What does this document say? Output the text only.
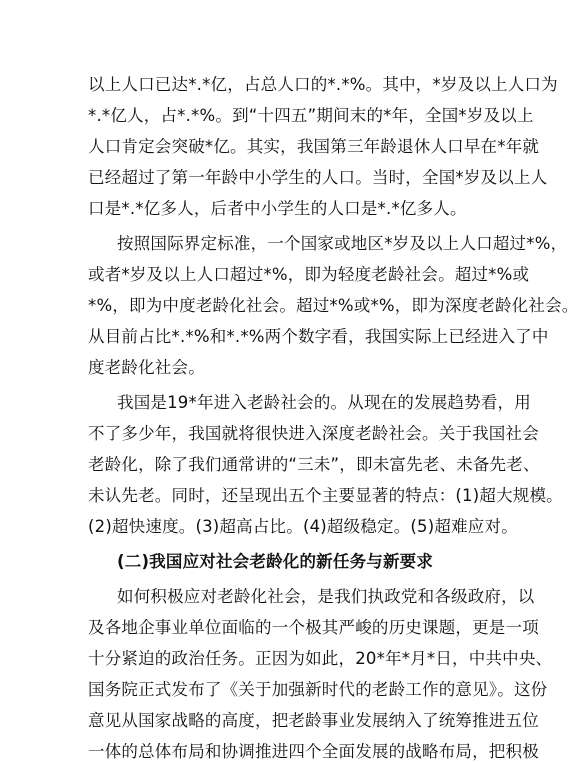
以上人口已达*.*亿，占总人口的*.*%。其中，*岁及以上人口为
*.*亿人，占*.*%。到“十四五”期间末的*年，全国*岁及以上
人口肯定会突破*亿。其实，我国第三年龄退休人口早在*年就
已经超过了第一年龄中小学生的人口。当时，全国*岁及以上人
口是*.*亿多人，后者中小学生的人口是*.*亿多人。
按照国际界定标准，一个国家或地区*岁及以上人口超过*%，
或者*岁及以上人口超过*%，即为轻度老龄社会。超过*%或
*%，即为中度老龄化社会。超过*%或*%，即为深度老龄化社会。
从目前占比*.*%和*.*%两个数字看，我国实际上已经进入了中
度老龄化社会。
我国是19*年进入老龄社会的。从现在的发展趋势看，用
不了多少年，我国就将很快进入深度老龄社会。关于我国社会
老龄化，除了我们通常讲的“三未”，即未富先老、未备先老、
未认先老。同时，还呈现出五个主要显著的特点：(1)超大规模。
(2)超快速度。(3)超高占比。(4)超级稳定。(5)超难应对。
(二)我国应对社会老龄化的新任务与新要求
如何积极应对老龄化社会，是我们执政党和各级政府，以
及各地企事业单位面临的一个极其严峻的历史课题，更是一项
十分紧迫的政治任务。正因为如此，20*年*月*日，中共中央、
国务院正式发布了《关于加强新时代的老龄工作的意见》。这份
意见从国家战略的高度，把老龄事业发展纳入了统筹推进五位
一体的总体布局和协调推进四个全面发展的战略布局，把积极
